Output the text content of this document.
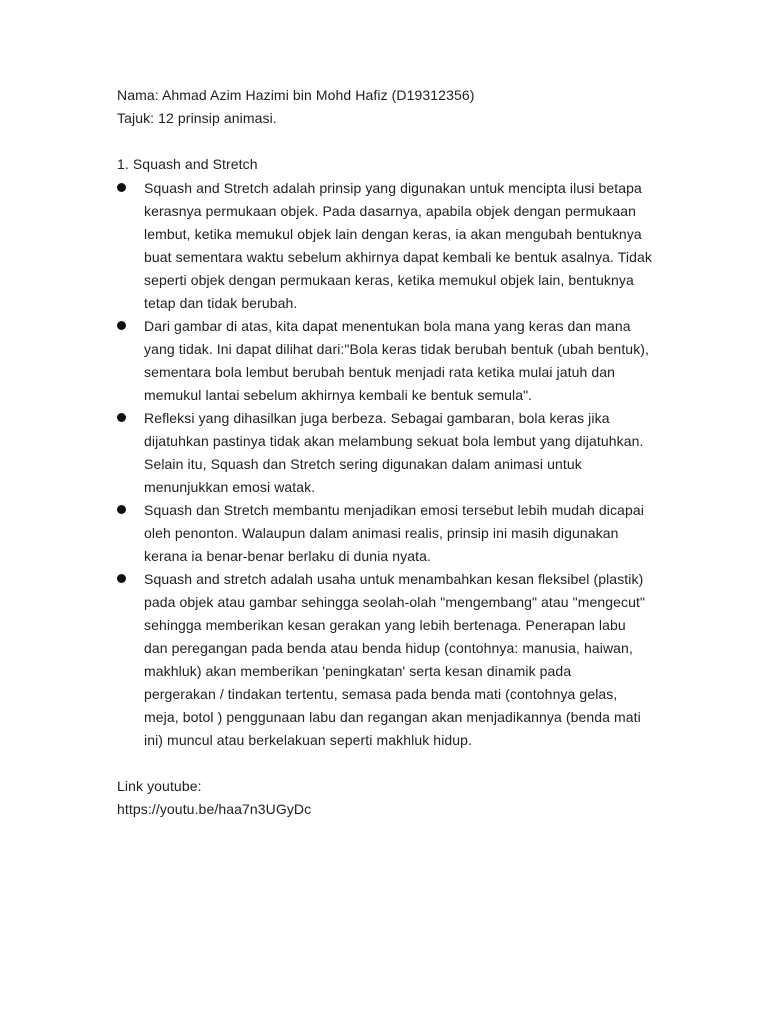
Nama: Ahmad Azim Hazimi bin Mohd Hafiz (D19312356)
Tajuk: 12 prinsip animasi.
1. Squash and Stretch
Squash and Stretch adalah prinsip yang digunakan untuk mencipta ilusi betapa
kerasnya permukaan objek. Pada dasarnya, apabila objek dengan permukaan
lembut, ketika memukul objek lain dengan keras, ia akan mengubah bentuknya
buat sementara waktu sebelum akhirnya dapat kembali ke bentuk asalnya. Tidak
seperti objek dengan permukaan keras, ketika memukul objek lain, bentuknya
tetap dan tidak berubah.
Dari gambar di atas, kita dapat menentukan bola mana yang keras dan mana
yang tidak. Ini dapat dilihat dari:"Bola keras tidak berubah bentuk (ubah bentuk),
sementara bola lembut berubah bentuk menjadi rata ketika mulai jatuh dan
memukul lantai sebelum akhirnya kembali ke bentuk semula".
Refleksi yang dihasilkan juga berbeza. Sebagai gambaran, bola keras jika
dijatuhkan pastinya tidak akan melambung sekuat bola lembut yang dijatuhkan.
Selain itu, Squash dan Stretch sering digunakan dalam animasi untuk
menunjukkan emosi watak.
Squash dan Stretch membantu menjadikan emosi tersebut lebih mudah dicapai
oleh penonton. Walaupun dalam animasi realis, prinsip ini masih digunakan
kerana ia benar-benar berlaku di dunia nyata.
Squash and stretch adalah usaha untuk menambahkan kesan fleksibel (plastik)
pada objek atau gambar sehingga seolah-olah "mengembang" atau "mengecut"
sehingga memberikan kesan gerakan yang lebih bertenaga. Penerapan labu
dan peregangan pada benda atau benda hidup (contohnya: manusia, haiwan,
makhluk) akan memberikan 'peningkatan' serta kesan dinamik pada
pergerakan / tindakan tertentu, semasa pada benda mati (contohnya gelas,
meja, botol ) penggunaan labu dan regangan akan menjadikannya (benda mati
ini) muncul atau berkelakuan seperti makhluk hidup.
Link youtube:
https://youtu.be/haa7n3UGyDc
